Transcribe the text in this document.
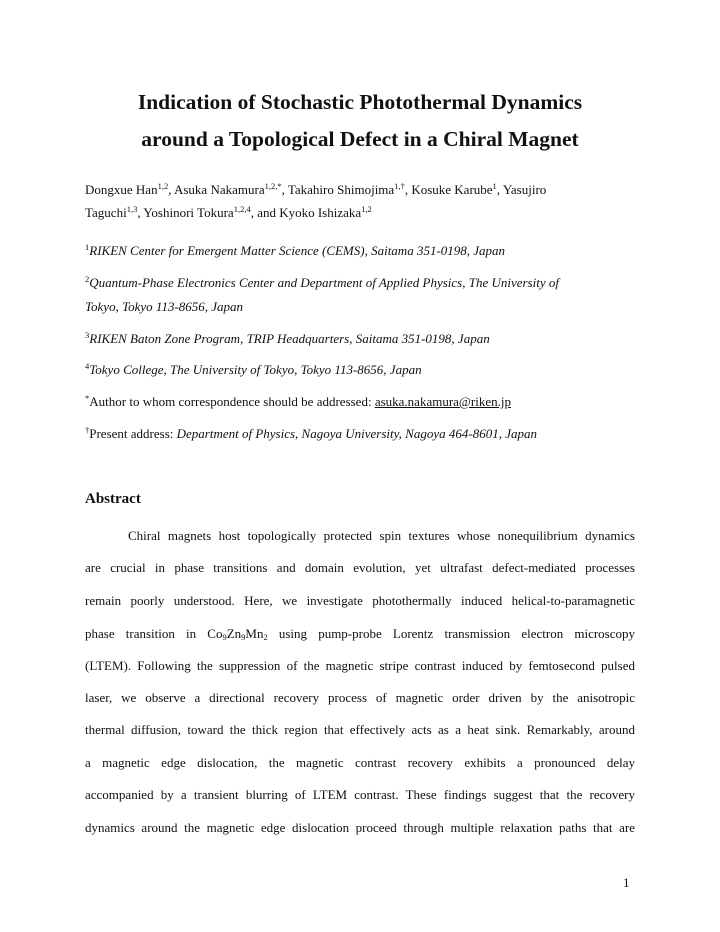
Indication of Stochastic Photothermal Dynamics
around a Topological Defect in a Chiral Magnet
Dongxue Han$^{1,2}$, Asuka Nakamura$^{1,2,*}$, Takahiro Shimojima$^{1,\dagger}$, Kosuke Karube$^1$, Yasujiro
Taguchi$^{1,3}$, Yoshinori Tokura$^{1,2,4}$, and Kyoko Ishizaka$^{1,2}$
$^1$RIKEN Center for Emergent Matter Science (CEMS), Saitama 351-0198, Japan
$^2$Quantum-Phase Electronics Center and Department of Applied Physics, The University of
Tokyo, Tokyo 113-8656, Japan
$^3$RIKEN Baton Zone Program, TRIP Headquarters, Saitama 351-0198, Japan
$^4$Tokyo College, The University of Tokyo, Tokyo 113-8656, Japan
*Author to whom correspondence should be addressed: asuka.nakamura@riken.jp
†Present address: Department of Physics, Nagoya University, Nagoya 464-8601, Japan
Abstract
Chiral magnets host topologically protected spin textures whose nonequilibrium dynamics
are crucial in phase transitions and domain evolution, yet ultrafast defect-mediated processes
remain poorly understood. Here, we investigate photothermally induced helical-to-paramagnetic
phase transition in $Co_9Zn_9Mn_2$ using pump-probe Lorentz transmission electron microscopy
(LTEM). Following the suppression of the magnetic stripe contrast induced by femtosecond pulsed
laser, we observe a directional recovery process of magnetic order driven by the anisotropic
thermal diffusion, toward the thick region that effectively acts as a heat sink. Remarkably, around
a magnetic edge dislocation, the magnetic contrast recovery exhibits a pronounced delay
accompanied by a transient blurring of LTEM contrast. These findings suggest that the recovery
dynamics around the magnetic edge dislocation proceed through multiple relaxation paths that are
1
